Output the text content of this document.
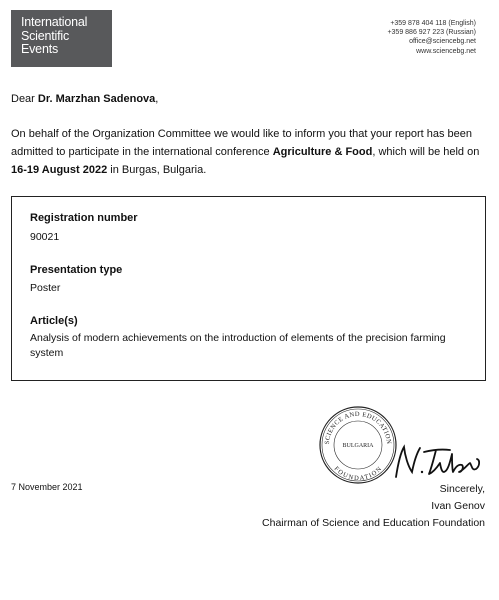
International
Scientific
Events
+359 878 404 118 (English)
+359 886 927 223 (Russian)
office@sciencebg.net
www.sciencebg.net
Dear Dr. Marzhan Sadenova,
On behalf of the Organization Committee we would like to inform you that your report has been admitted to participate in the international conference Agriculture & Food, which will be held on 16-19 August 2022 in Burgas, Bulgaria.
Registration number
90021
Presentation type
Poster
Article(s)
Analysis of modern achievements on the introduction of elements of the precision farming system
SCIENCE AND EDUCATION
FOUNDATION
BULGARIA
7 November 2021	Sincerely,
Ivan Genov
Chairman of Science and Education Foundation
